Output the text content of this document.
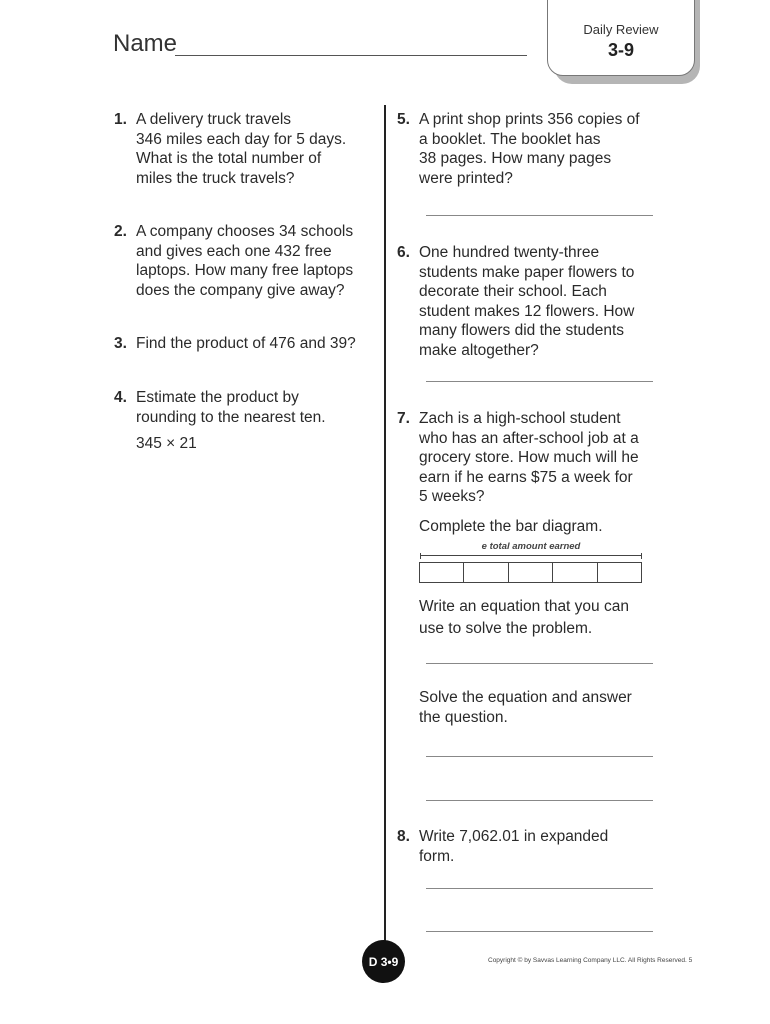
Name
Daily Review
3-9
1. A delivery truck travels
346 miles each day for 5 days.
What is the total number of
miles the truck travels?
2. A company chooses 34 schools
and gives each one 432 free
laptops. How many free laptops
does the company give away?
3. Find the product of 476 and 39?
4. Estimate the product by
rounding to the nearest ten.
345 × 21
5. A print shop prints 356 copies of
a booklet. The booklet has
38 pages. How many pages
were printed?
6. One hundred twenty-three
students make paper flowers to
decorate their school. Each
student makes 12 flowers. How
many flowers did the students
make altogether?
7. Zach is a high-school student
who has an after-school job at a
grocery store. How much will he
earn if he earns $75 a week for
5 weeks?
Complete the bar diagram.
e total amount earned
Write an equation that you can
use to solve the problem.
Solve the equation and answer
the question.
8. Write 7,062.01 in expanded
form.
D 3•9	Copyright © by Savvas Learning Company LLC. All Rights Reserved. 5
